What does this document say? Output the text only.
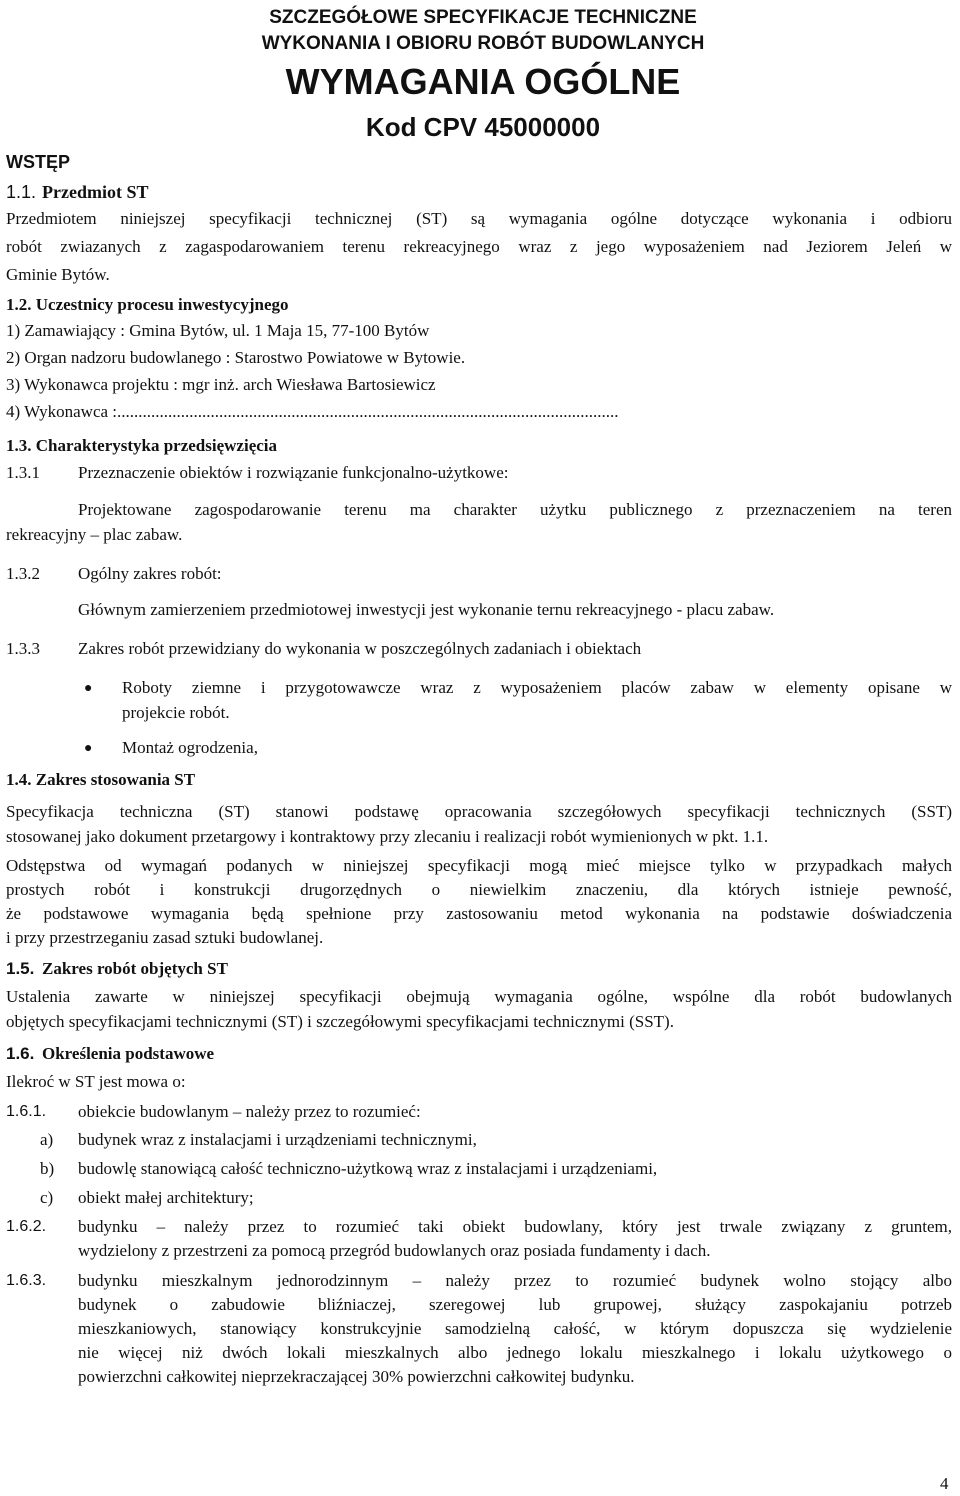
SZCZEGÓŁOWE SPECYFIKACJE TECHNICZNE
WYKONANIA I OBIORU ROBÓT BUDOWLANYCH
WYMAGANIA OGÓLNE
Kod CPV 45000000
WSTĘP
1.1. Przedmiot ST
Przedmiotem niniejszej specyfikacji technicznej (ST) są wymagania ogólne dotyczące wykonania i odbioru
robót zwiazanych z zagaspodarowaniem terenu rekreacyjnego wraz z jego wyposażeniem nad Jeziorem Jeleń w
Gminie Bytów.
1.2. Uczestnicy procesu inwestycyjnego
1) Zamawiający : Gmina Bytów, ul. 1 Maja 15, 77-100 Bytów
2) Organ nadzoru budowlanego : Starostwo Powiatowe w Bytowie.
3) Wykonawca projektu : mgr inż. arch Wiesława Bartosiewicz
4) Wykonawca :......................................................................................................................
1.3. Charakterystyka przedsięwzięcia
1.3.1 Przeznaczenie obiektów i rozwiązanie funkcjonalno-użytkowe:
Projektowane zagospodarowanie terenu ma charakter użytku publicznego z przeznaczeniem na teren
rekreacyjny – plac zabaw.
1.3.2 Ogólny zakres robót:
Głównym zamierzeniem przedmiotowej inwestycji jest wykonanie ternu rekreacyjnego - placu zabaw.
1.3.3 Zakres robót przewidziany do wykonania w poszczególnych zadaniach i obiektach
● Roboty ziemne i przygotowawcze wraz z wyposażeniem placów zabaw w elementy opisane w
projekcie robót.
● Montaż ogrodzenia,
1.4. Zakres stosowania ST
Specyfikacja techniczna (ST) stanowi podstawę opracowania szczegółowych specyfikacji technicznych (SST)
stosowanej jako dokument przetargowy i kontraktowy przy zlecaniu i realizacji robót wymienionych w pkt. 1.1.
Odstępstwa od wymagań podanych w niniejszej specyfikacji mogą mieć miejsce tylko w przypadkach małych
prostych robót i konstrukcji drugorzędnych o niewielkim znaczeniu, dla których istnieje pewność,
że podstawowe wymagania będą spełnione przy zastosowaniu metod wykonania na podstawie doświadczenia
i przy przestrzeganiu zasad sztuki budowlanej.
1.5. Zakres robót objętych ST
Ustalenia zawarte w niniejszej specyfikacji obejmują wymagania ogólne, wspólne dla robót budowlanych
objętych specyfikacjami technicznymi (ST) i szczegółowymi specyfikacjami technicznymi (SST).
1.6. Określenia podstawowe
Ilekroć w ST jest mowa o:
1.6.1. obiekcie budowlanym – należy przez to rozumieć:
a) budynek wraz z instalacjami i urządzeniami technicznymi,
b) budowlę stanowiącą całość techniczno-użytkową wraz z instalacjami i urządzeniami,
c) obiekt małej architektury;
1.6.2. budynku – należy przez to rozumieć taki obiekt budowlany, który jest trwale związany z gruntem,
wydzielony z przestrzeni za pomocą przegród budowlanych oraz posiada fundamenty i dach.
1.6.3. budynku mieszkalnym jednorodzinnym – należy przez to rozumieć budynek wolno stojący albo
budynek o zabudowie bliźniaczej, szeregowej lub grupowej, służący zaspokajaniu potrzeb
mieszkaniowych, stanowiący konstrukcyjnie samodzielną całość, w którym dopuszcza się wydzielenie
nie więcej niż dwóch lokali mieszkalnych albo jednego lokalu mieszkalnego i lokalu użytkowego o
powierzchni całkowitej nieprzekraczającej 30% powierzchni całkowitej budynku.
4
